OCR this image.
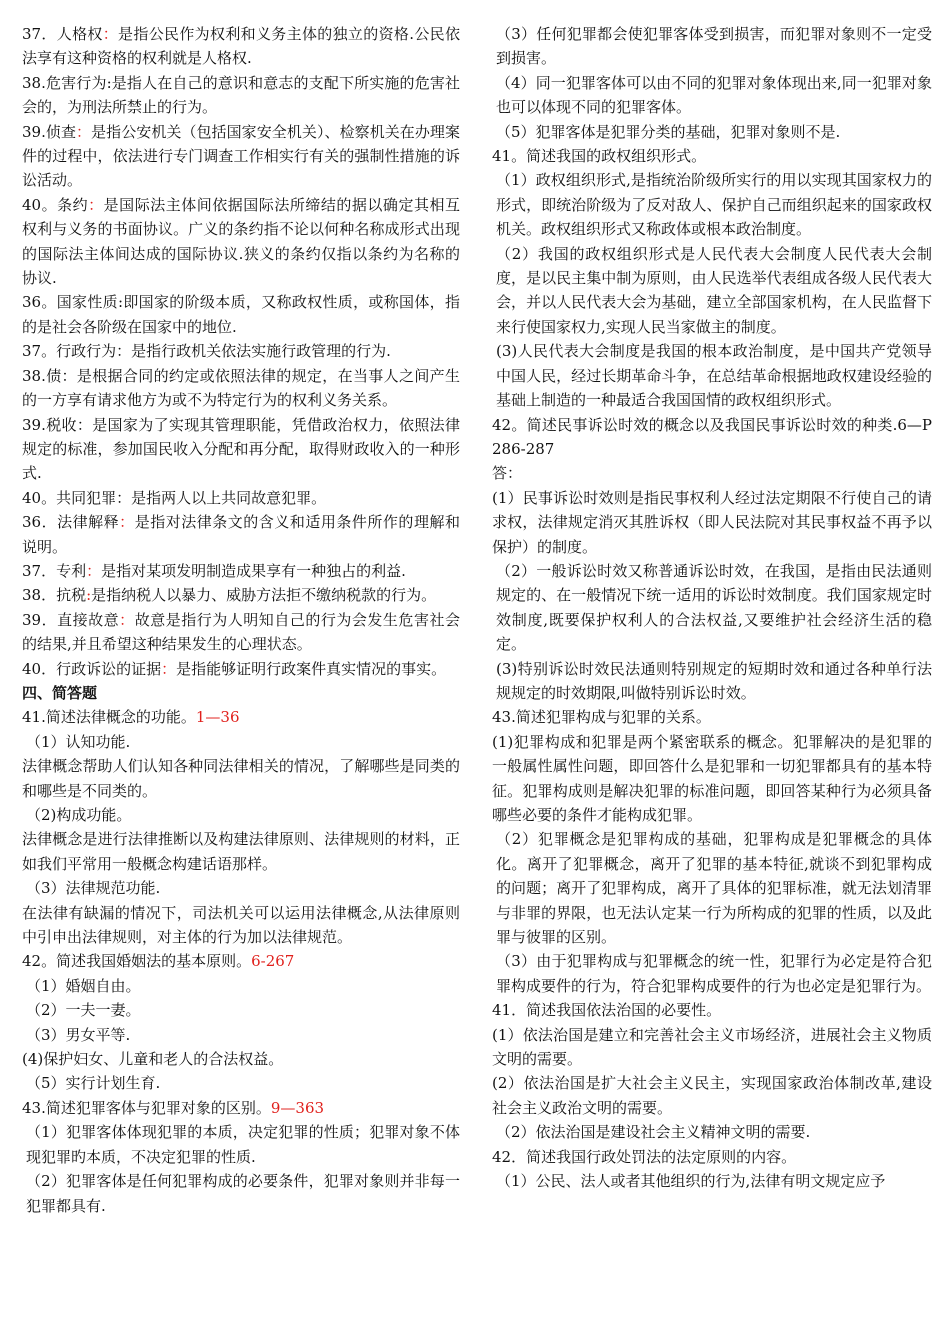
37．人格权：是指公民作为权利和义务主体的独立的资格.公民依法享有这种资格的权利就是人格权.

38.危害行为:是指人在自己的意识和意志的支配下所实施的危害社会的，为刑法所禁止的行为。

39.侦查：是指公安机关（包括国家安全机关）、检察机关在办理案件的过程中，依法进行专门调查工作相实行有关的强制性措施的诉讼活动。

40。条约：是国际法主体间依据国际法所缔结的据以确定其相互权利与义务的书面协议。广义的条约指不论以何种名称成形式出现的国际法主体间达成的国际协议.狭义的条约仅指以条约为名称的协议.

36。国家性质:即国家的阶级本质，又称政权性质，或称国体，指的是社会各阶级在国家中的地位.

37。行政行为：是指行政机关依法实施行政管理的行为.

38.债：是根据合同的约定或依照法律的规定，在当事人之间产生的一方享有请求他方为或不为特定行为的权利义务关系。

39.税收：是国家为了实现其管理职能，凭借政治权力，依照法律规定的标准，参加国民收入分配和再分配，取得财政收入的一种形式.

40。共同犯罪：是指两人以上共同故意犯罪。

36．法律解释：是指对法律条文的含义和适用条件所作的理解和说明。

37．专利：是指对某项发明制造成果享有一种独占的利益.

38．抗税:是指纳税人以暴力、威胁方法拒不缴纳税款的行为。

39．直接故意：故意是指行为人明知自己的行为会发生危害社会的结果,并且希望这种结果发生的心理状态。

40．行政诉讼的证据：是指能够证明行政案件真实情况的事实。

四、简答题

41.简述法律概念的功能。1—36

（1）认知功能.

法律概念帮助人们认知各种同法律相关的情况，了解哪些是同类的和哪些是不同类的。

（2)构成功能。

法律概念是进行法律推断以及构建法律原则、法律规则的材料，正如我们平常用一般概念构建话语那样。

（3）法律规范功能.

在法律有缺漏的情况下，司法机关可以运用法律概念,从法律原则中引申出法律规则，对主体的行为加以法律规范。

42。简述我国婚姻法的基本原则。6-267

（1）婚姻自由。

（2）一夫一妻。

（3）男女平等.

(4)保护妇女、儿童和老人的合法权益。

（5）实行计划生育.

43.简述犯罪客体与犯罪对象的区别。9—363

（1）犯罪客体体现犯罪的本质，决定犯罪的性质；犯罪对象不体现犯罪旳本质，不决定犯罪的性质.

（2）犯罪客体是任何犯罪构成的必要条件，犯罪对象则并非每一犯罪都具有.

（3）任何犯罪都会使犯罪客体受到损害，而犯罪对象则不一定受到损害。

（4）同一犯罪客体可以由不同的犯罪对象体现出来,同一犯罪对象也可以体现不同的犯罪客体。

（5）犯罪客体是犯罪分类的基础，犯罪对象则不是.

41。简述我国的政权组织形式。

（1）政权组织形式,是指统治阶级所实行的用以实现其国家权力的形式，即统治阶级为了反对敌人、保护自己而组织起来的国家政权机关。政权组织形式又称政体或根本政治制度。

（2）我国的政权组织形式是人民代表大会制度人民代表大会制度，是以民主集中制为原则，由人民选举代表组成各级人民代表大会，并以人民代表大会为基础，建立全部国家机构，在人民监督下来行使国家权力,实现人民当家做主的制度。

(3)人民代表大会制度是我国的根本政治制度，是中国共产党领导中国人民，经过长期革命斗争，在总结革命根据地政权建设经验的基础上制造的一种最适合我国国情的政权组织形式。

42。简述民事诉讼时效的概念以及我国民事诉讼时效的种类.6—P286-287

答：

(1）民事诉讼时效则是指民事权利人经过法定期限不行使自己的请求权，法律规定消灭其胜诉权（即人民法院对其民事权益不再予以保护）的制度。

（2）一般诉讼时效又称普通诉讼时效，在我国，是指由民法通则规定的、在一般情况下统一适用的诉讼时效制度。我们国家规定时效制度,既要保护权利人的合法权益,又要维护社会经济生活的稳定。

(3)特别诉讼时效民法通则特别规定的短期时效和通过各种单行法规规定的时效期限,叫做特别诉讼时效。

43.简述犯罪构成与犯罪的关系。

(1)犯罪构成和犯罪是两个紧密联系的概念。犯罪解决的是犯罪的一般属性属性问题，即回答什么是犯罪和一切犯罪都具有的基本特征。犯罪构成则是解决犯罪的标准问题，即回答某种行为必须具备哪些必要的条件才能构成犯罪。

（2）犯罪概念是犯罪构成的基础，犯罪构成是犯罪概念的具体化。离开了犯罪概念，离开了犯罪的基本特征,就谈不到犯罪构成的问题；离开了犯罪构成，离开了具体的犯罪标准，就无法划清罪与非罪的界限，也无法认定某一行为所构成的犯罪的性质，以及此罪与彼罪的区别。

（3）由于犯罪构成与犯罪概念的统一性，犯罪行为必定是符合犯罪构成要件的行为，符合犯罪构成要件的行为也必定是犯罪行为。

41．简述我国依法治国的必要性。

(1）依法治国是建立和完善社会主义市场经济，进展社会主义物质文明的需要。

(2）依法治国是扩大社会主义民主，实现国家政治体制改革,建设社会主义政治文明的需要。

（2）依法治国是建设社会主义精神文明的需要.

42．简述我国行政处罚法的法定原则的内容。

（1）公民、法人或者其他组织的行为,法律有明文规定应予
